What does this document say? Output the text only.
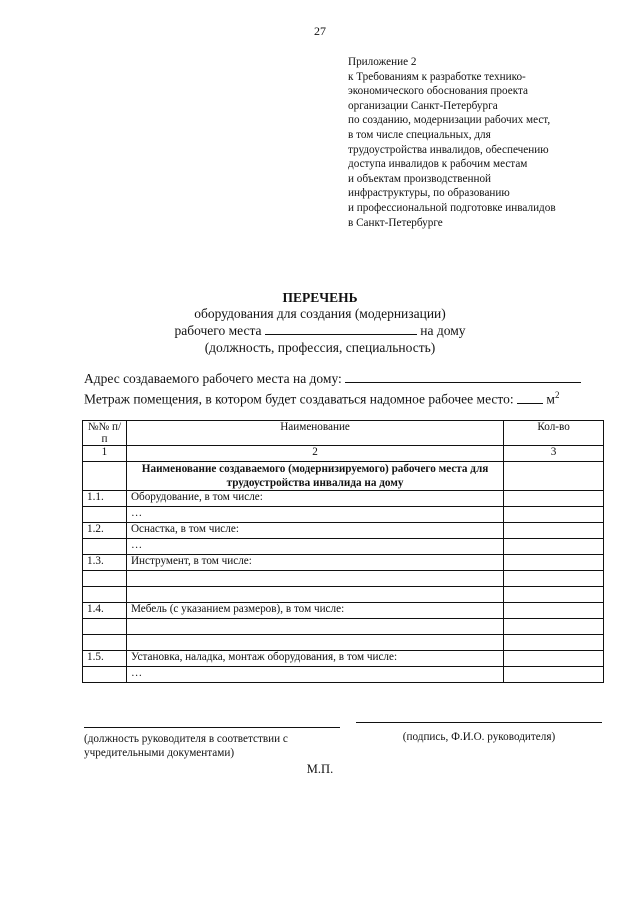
27
Приложение 2
к Требованиям к разработке технико-
экономического обоснования проекта
организации Санкт-Петербурга
по созданию, модернизации рабочих мест,
в том числе специальных, для
трудоустройства инвалидов, обеспечению
доступа инвалидов к рабочим местам
и объектам производственной
инфраструктуры, по образованию
и профессиональной подготовке инвалидов
в Санкт-Петербурге
ПЕРЕЧЕНЬ
оборудования для создания (модернизации)
рабочего места	на дому
(должность, профессия, специальность)
Адрес создаваемого рабочего места на дому:
Метраж помещения, в котором будет создаваться надомное рабочее место: $м^2$
№№ п/п	Наименование	Кол-во
1	2	3
	Наименование создаваемого (модернизируемого) рабочего места для трудоустройства инвалида на дому	
1.1.	Оборудование, в том числе:	
	…	
1.2.	Оснастка, в том числе:	
	…	
1.3.	Инструмент, в том числе:	

1.4.	Мебель (с указанием размеров), в том числе:	

1.5.	Установка, наладка, монтаж оборудования, в том числе:	
	…	
(должность руководителя в соответствии с учредительными документами)
(подпись, Ф.И.О. руководителя)
М.П.
